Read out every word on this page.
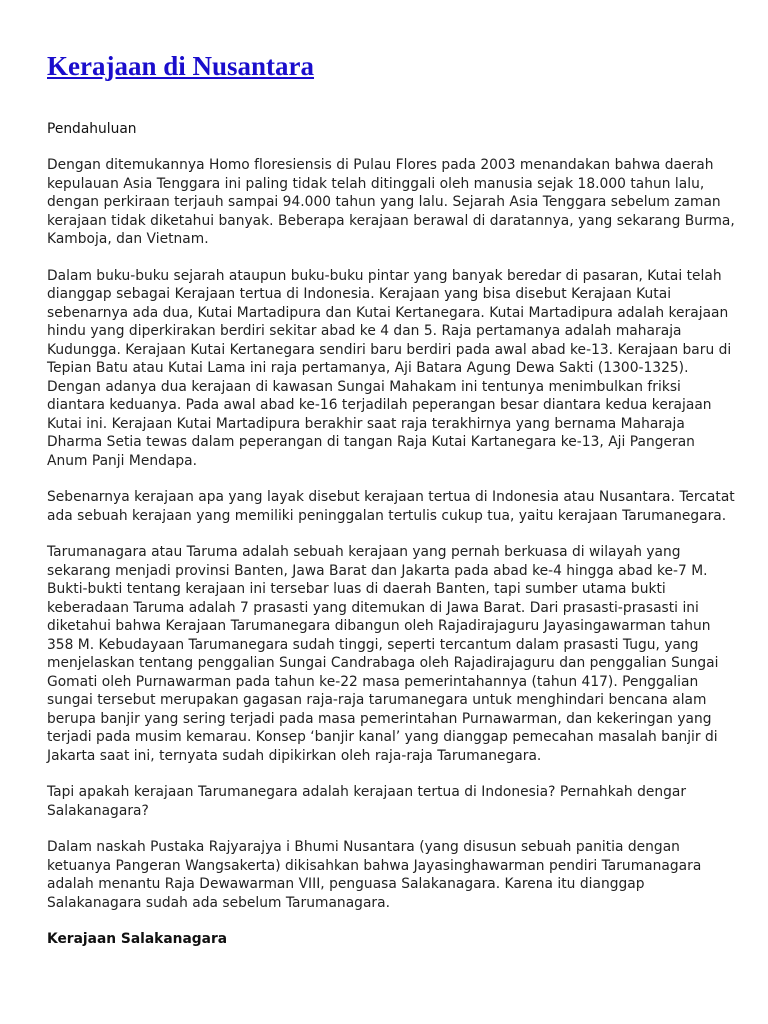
Kerajaan di Nusantara
Pendahuluan

Dengan ditemukannya Homo floresiensis di Pulau Flores pada 2003 menandakan bahwa daerah kepulauan Asia Tenggara ini paling tidak telah ditinggali oleh manusia sejak 18.000 tahun lalu, dengan perkiraan terjauh sampai 94.000 tahun yang lalu. Sejarah Asia Tenggara sebelum zaman kerajaan tidak diketahui banyak. Beberapa kerajaan berawal di daratannya, yang sekarang Burma, Kamboja, dan Vietnam.

Dalam buku-buku sejarah ataupun buku-buku pintar yang banyak beredar di pasaran, Kutai telah dianggap sebagai Kerajaan tertua di Indonesia. Kerajaan yang bisa disebut Kerajaan Kutai sebenarnya ada dua, Kutai Martadipura dan Kutai Kertanegara. Kutai Martadipura adalah kerajaan hindu yang diperkirakan berdiri sekitar abad ke 4 dan 5. Raja pertamanya adalah maharaja Kudungga. Kerajaan Kutai Kertanegara sendiri baru berdiri pada awal abad ke-13. Kerajaan baru di Tepian Batu atau Kutai Lama ini raja pertamanya, Aji Batara Agung Dewa Sakti (1300-1325). Dengan adanya dua kerajaan di kawasan Sungai Mahakam ini tentunya menimbulkan friksi diantara keduanya. Pada awal abad ke-16 terjadilah peperangan besar diantara kedua kerajaan Kutai ini. Kerajaan Kutai Martadipura berakhir saat raja terakhirnya yang bernama Maharaja Dharma Setia tewas dalam peperangan di tangan Raja Kutai Kartanegara ke-13, Aji Pangeran Anum Panji Mendapa.

Sebenarnya kerajaan apa yang layak disebut kerajaan tertua di Indonesia atau Nusantara. Tercatat ada sebuah kerajaan yang memiliki peninggalan tertulis cukup tua, yaitu kerajaan Tarumanegara.

Tarumanagara atau Taruma adalah sebuah kerajaan yang pernah berkuasa di wilayah yang sekarang menjadi provinsi Banten, Jawa Barat dan Jakarta pada abad ke-4 hingga abad ke-7 M. Bukti-bukti tentang kerajaan ini tersebar luas di daerah Banten, tapi sumber utama bukti keberadaan Taruma adalah 7 prasasti yang ditemukan di Jawa Barat. Dari prasasti-prasasti ini diketahui bahwa Kerajaan Tarumanegara dibangun oleh Rajadirajaguru Jayasingawarman tahun 358 M. Kebudayaan Tarumanegara sudah tinggi, seperti tercantum dalam prasasti Tugu, yang menjelaskan tentang penggalian Sungai Candrabaga oleh Rajadirajaguru dan penggalian Sungai Gomati oleh Purnawarman pada tahun ke-22 masa pemerintahannya (tahun 417). Penggalian sungai tersebut merupakan gagasan raja-raja tarumanegara untuk menghindari bencana alam berupa banjir yang sering terjadi pada masa pemerintahan Purnawarman, dan kekeringan yang terjadi pada musim kemarau. Konsep ‘banjir kanal’ yang dianggap pemecahan masalah banjir di Jakarta saat ini, ternyata sudah dipikirkan oleh raja-raja Tarumanegara.

Tapi apakah kerajaan Tarumanegara adalah kerajaan tertua di Indonesia? Pernahkah dengar Salakanagara?

Dalam naskah Pustaka Rajyarajya i Bhumi Nusantara (yang disusun sebuah panitia dengan ketuanya Pangeran Wangsakerta) dikisahkan bahwa Jayasinghawarman pendiri Tarumanagara adalah menantu Raja Dewawarman VIII, penguasa Salakanagara. Karena itu dianggap Salakanagara sudah ada sebelum Tarumanagara.

Kerajaan Salakanagara
